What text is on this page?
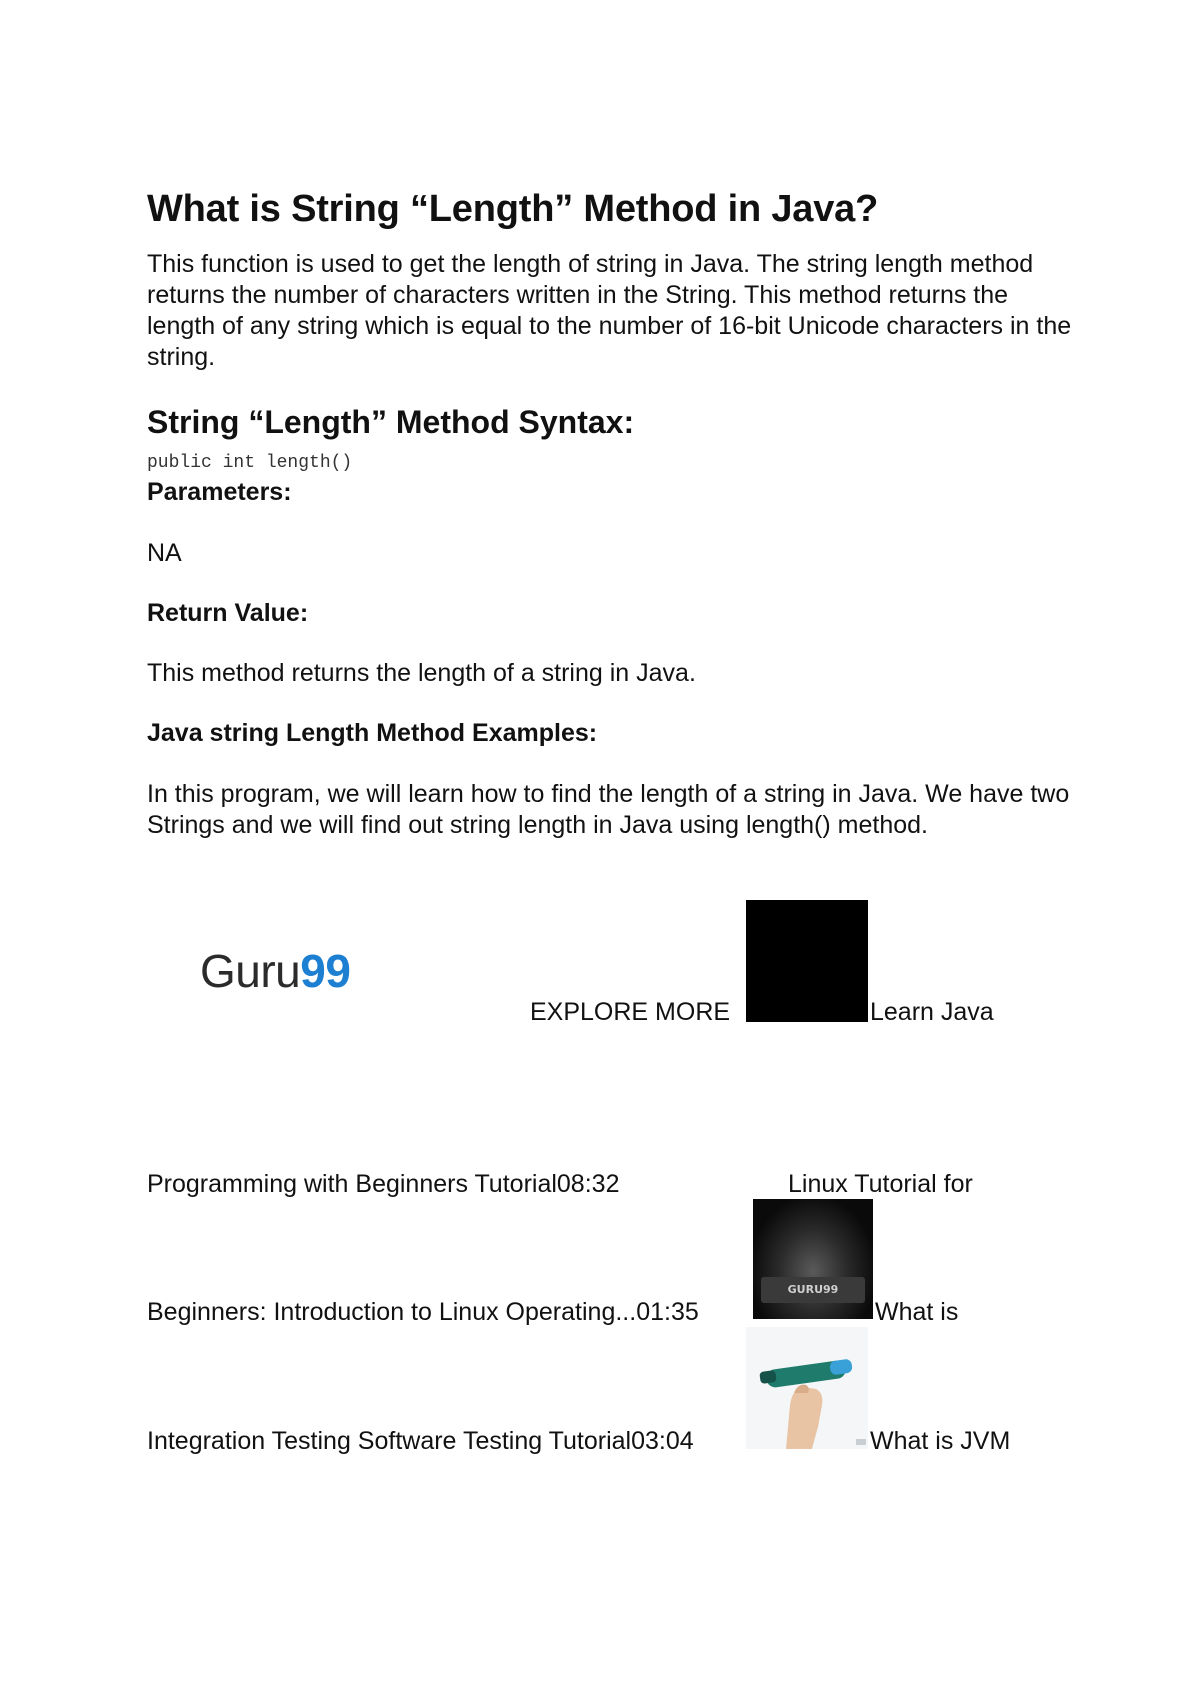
What is String “Length” Method in Java?
This function is used to get the length of string in Java. The string length method returns the number of characters written in the String. This method returns the length of any string which is equal to the number of 16-bit Unicode characters in the string.
String “Length” Method Syntax:
public int length()
Parameters:
NA
Return Value:
This method returns the length of a string in Java.
Java string Length Method Examples:
In this program, we will learn how to find the length of a string in Java. We have two Strings and we will find out string length in Java using length() method.
Guru99
EXPLORE MORE	Learn Java
Programming with Beginners Tutorial08:32	Linux Tutorial for
GURU99
Beginners: Introduction to Linux Operating...01:35	What is
Integration Testing Software Testing Tutorial03:04	What is JVM
